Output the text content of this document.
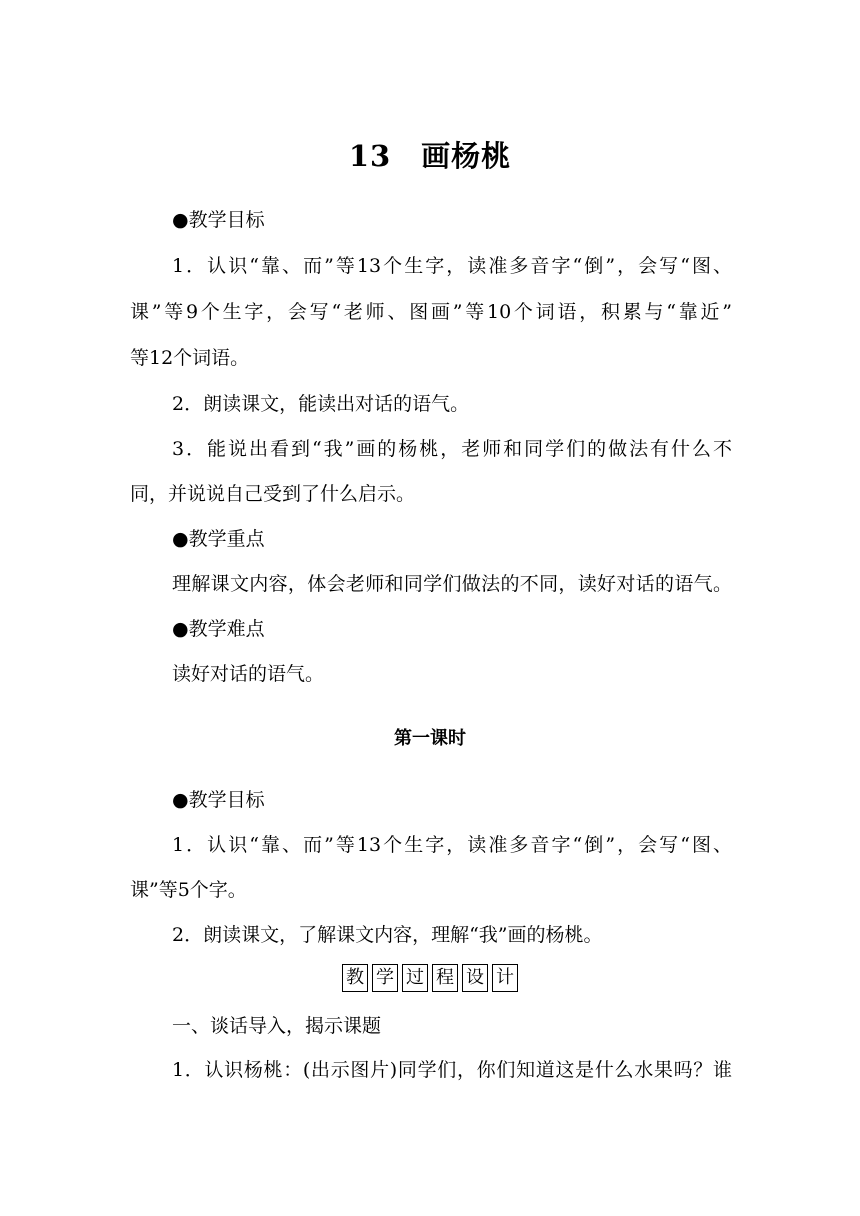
13　画杨桃
●教学目标
1．认识“靠、而”等13个生字，读准多音字“倒”，会写“图、
课”等9个生字，会写“老师、图画”等10个词语，积累与“靠近”
等12个词语。
2．朗读课文，能读出对话的语气。
3．能说出看到“我”画的杨桃，老师和同学们的做法有什么不
同，并说说自己受到了什么启示。
●教学重点
理解课文内容，体会老师和同学们做法的不同，读好对话的语气。
●教学难点
读好对话的语气。
第一课时
●教学目标
1．认识“靠、而”等13个生字，读准多音字“倒”，会写“图、
课”等5个字。
2．朗读课文，了解课文内容，理解“我”画的杨桃。
教 学 过 程 设 计
一、谈话导入，揭示课题
1．认识杨桃：(出示图片)同学们，你们知道这是什么水果吗？谁
